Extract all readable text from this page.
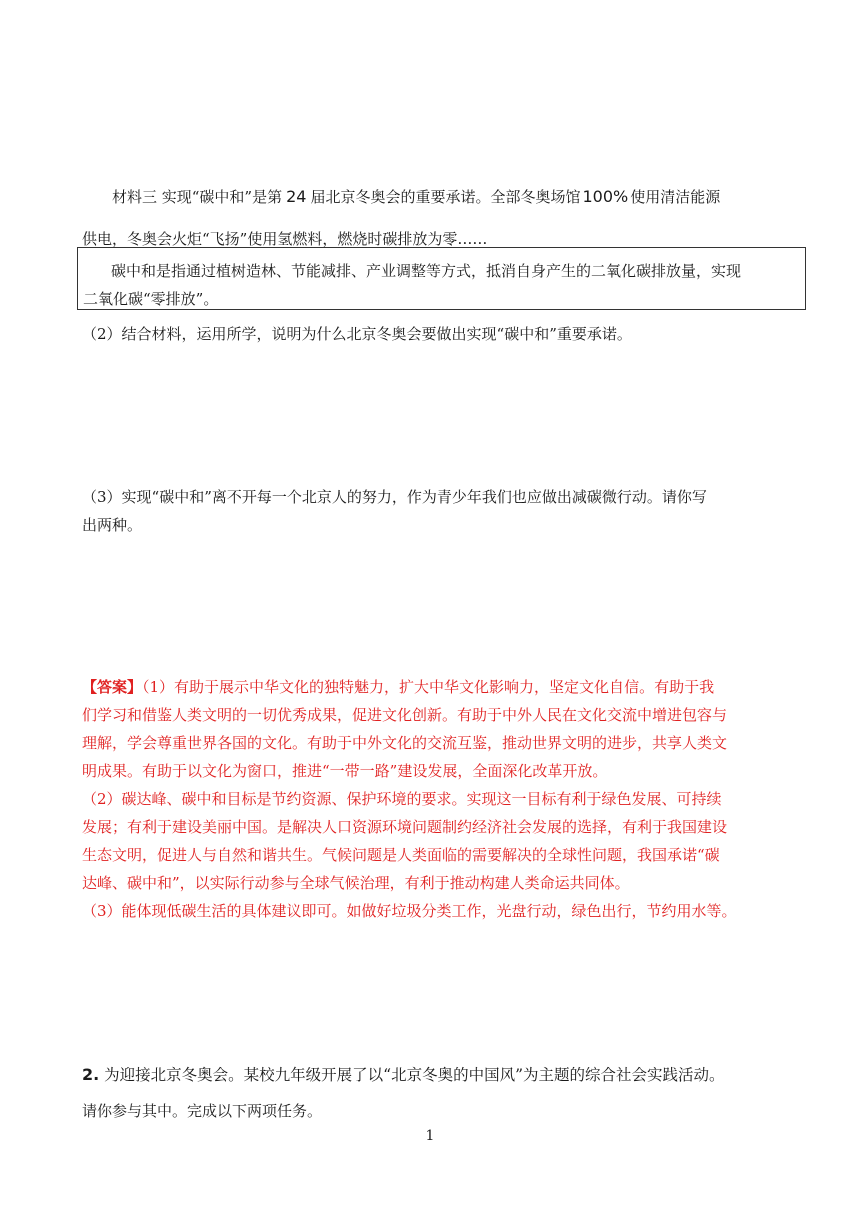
材料三 实现“碳中和”是第 24 届北京冬奥会的重要承诺。全部冬奥场馆 100% 使用清洁能源
供电，冬奥会火炬“飞扬”使用氢燃料，燃烧时碳排放为零……
碳中和是指通过植树造林、节能减排、产业调整等方式，抵消自身产生的二氧化碳排放量，实现
二氧化碳“零排放”。
（2）结合材料，运用所学，说明为什么北京冬奥会要做出实现“碳中和”重要承诺。
（3）实现“碳中和”离不开每一个北京人的努力，作为青少年我们也应做出减碳微行动。请你写
出两种。
【答案】（1）有助于展示中华文化的独特魅力，扩大中华文化影响力，坚定文化自信。有助于我
们学习和借鉴人类文明的一切优秀成果，促进文化创新。有助于中外人民在文化交流中增进包容与
理解，学会尊重世界各国的文化。有助于中外文化的交流互鉴，推动世界文明的进步，共享人类文
明成果。有助于以文化为窗口，推进“一带一路”建设发展，全面深化改革开放。
（2）碳达峰、碳中和目标是节约资源、保护环境的要求。实现这一目标有利于绿色发展、可持续
发展；有利于建设美丽中国。是解决人口资源环境问题制约经济社会发展的选择，有利于我国建设
生态文明，促进人与自然和谐共生。气候问题是人类面临的需要解决的全球性问题，我国承诺“碳
达峰、碳中和”，以实际行动参与全球气候治理，有利于推动构建人类命运共同体。
（3）能体现低碳生活的具体建议即可。如做好垃圾分类工作，光盘行动，绿色出行，节约用水等。
2. 为迎接北京冬奥会。某校九年级开展了以“北京冬奥的中国风”为主题的综合社会实践活动。
请你参与其中。完成以下两项任务。
1
